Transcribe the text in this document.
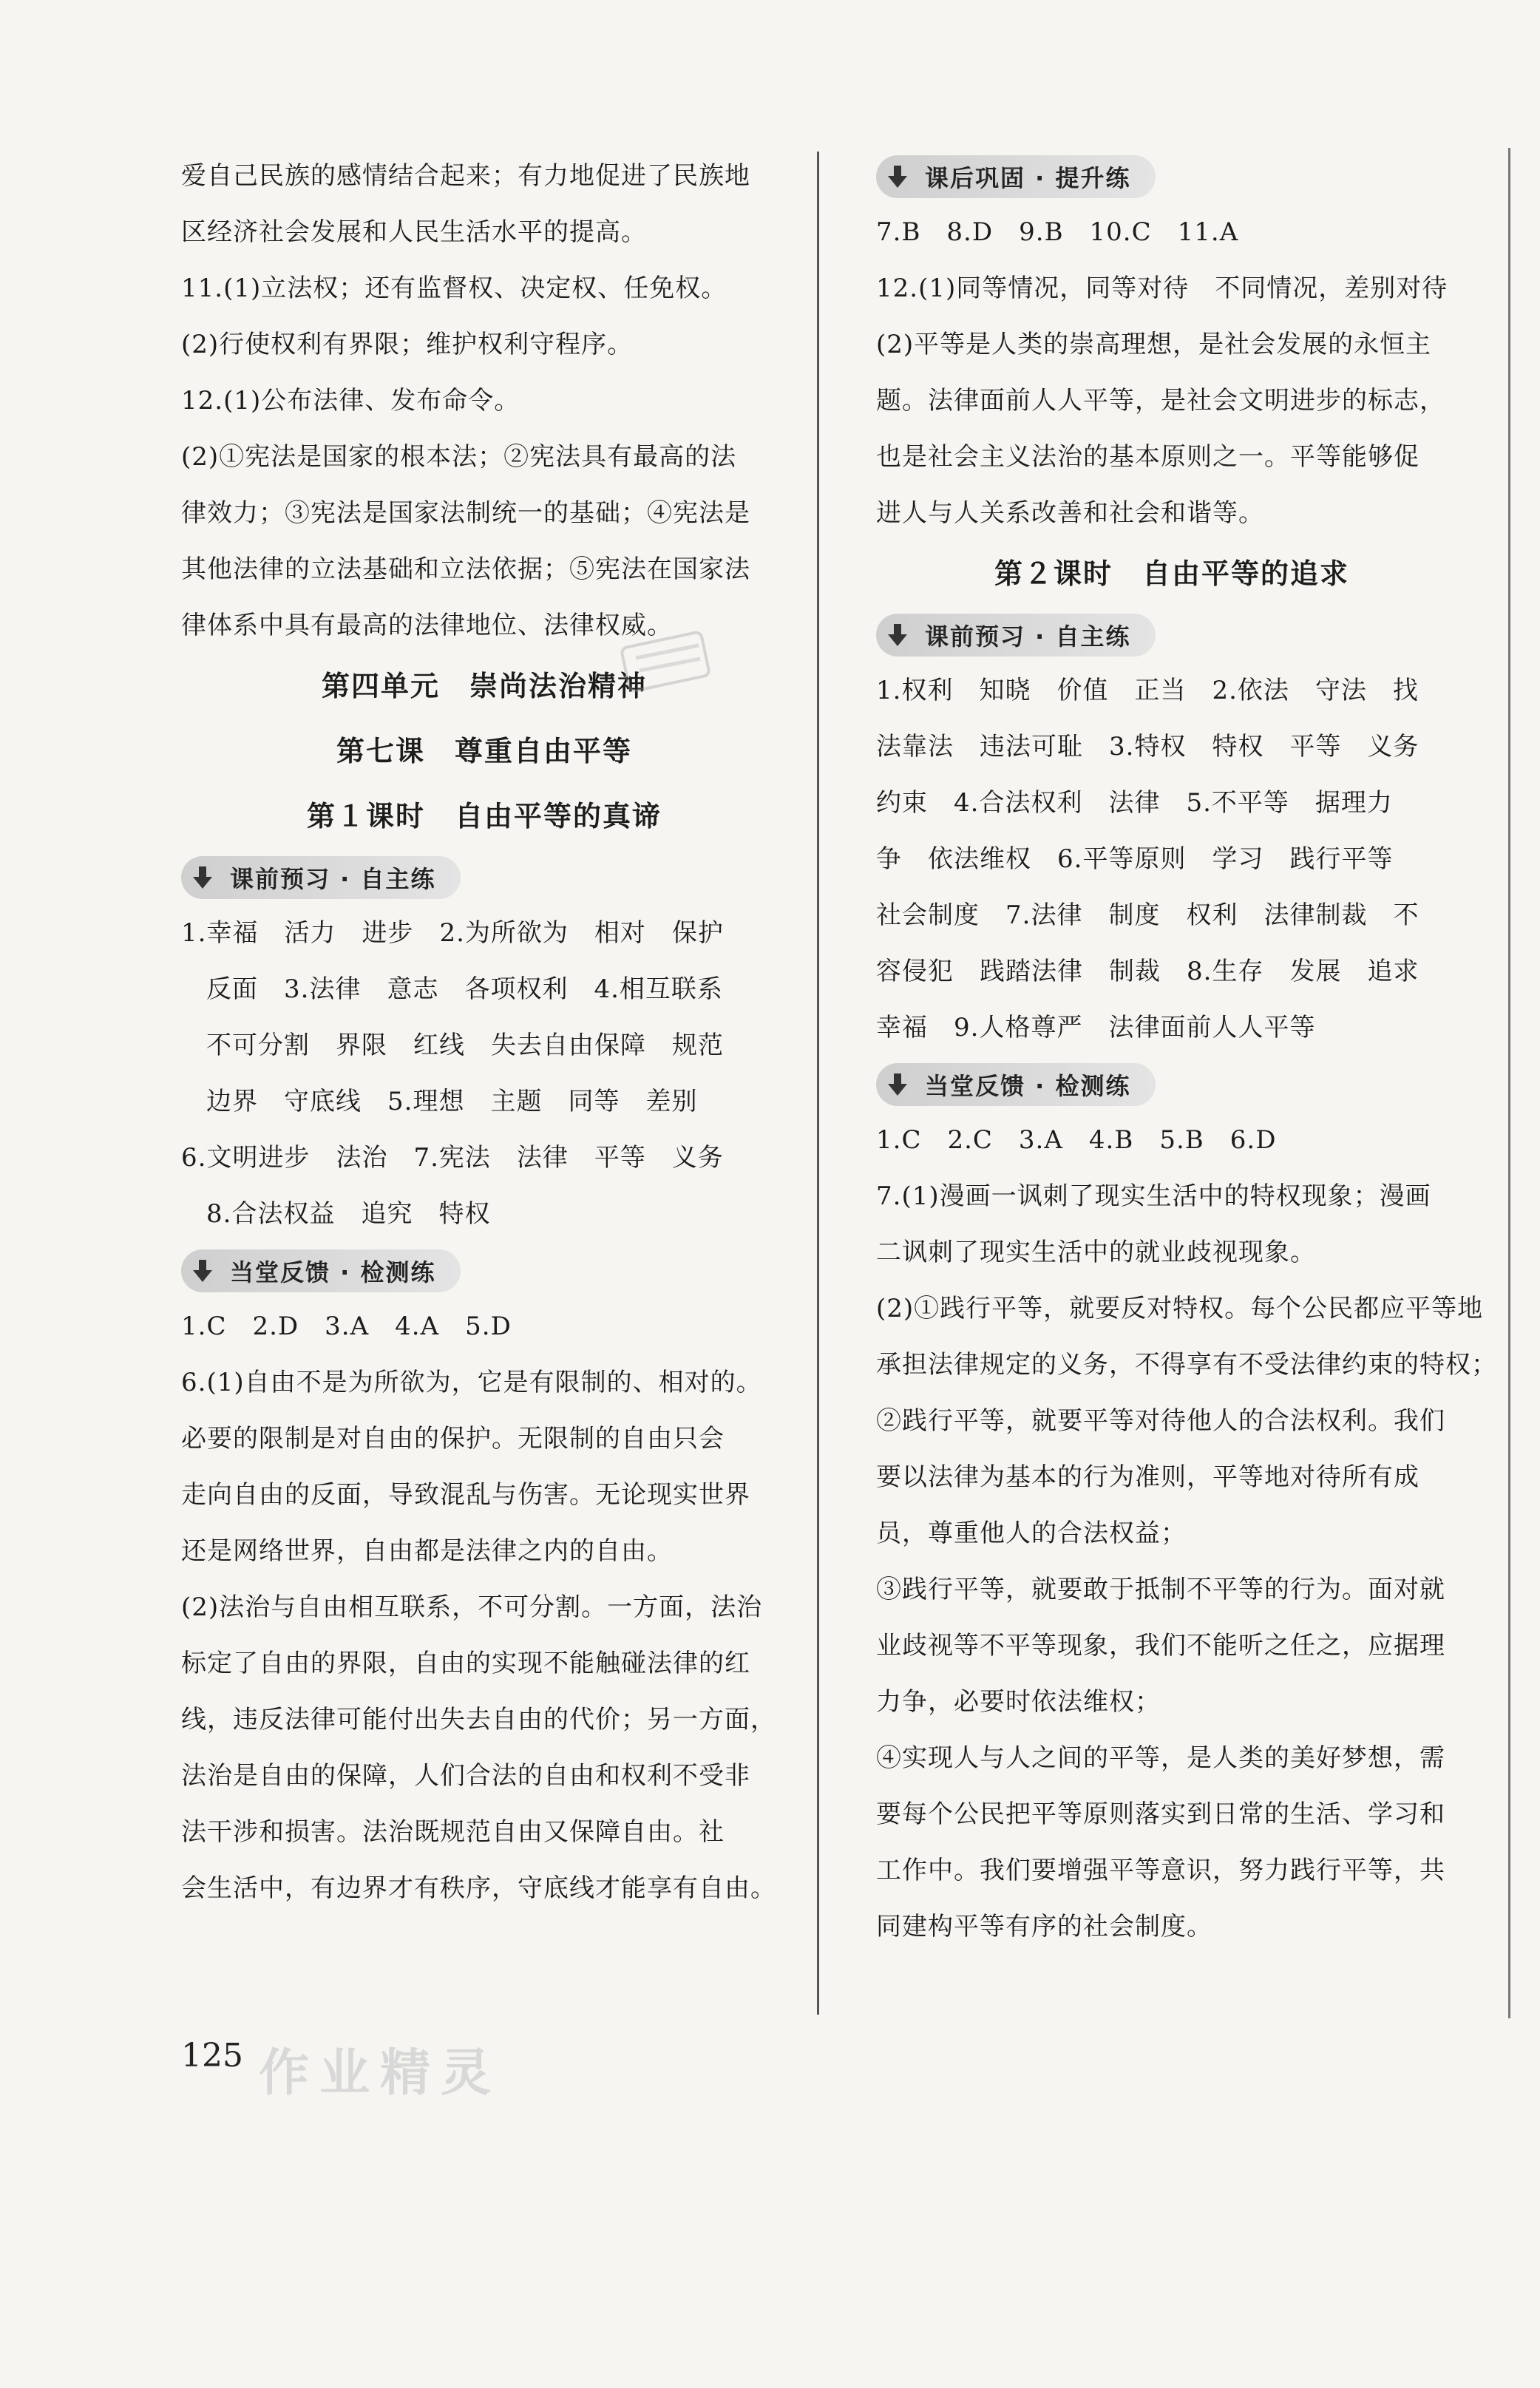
爱自己民族的感情结合起来；有力地促进了民族地
区经济社会发展和人民生活水平的提高。
11.(1)立法权；还有监督权、决定权、任免权。
(2)行使权利有界限；维护权利守程序。
12.(1)公布法律、发布命令。
(2)①宪法是国家的根本法；②宪法具有最高的法
律效力；③宪法是国家法制统一的基础；④宪法是
其他法律的立法基础和立法依据；⑤宪法在国家法
律体系中具有最高的法律地位、法律权威。
第四单元　崇尚法治精神
第七课　尊重自由平等
第１课时　自由平等的真谛
课前预习 · 自主练
1.幸福　活力　进步　2.为所欲为　相对　保护
反面　3.法律　意志　各项权利　4.相互联系
不可分割　界限　红线　失去自由保障　规范
边界　守底线　5.理想　主题　同等　差别
6.文明进步　法治　7.宪法　法律　平等　义务
8.合法权益　追究　特权
当堂反馈 · 检测练
1.C　2.D　3.A　4.A　5.D
6.(1)自由不是为所欲为，它是有限制的、相对的。
必要的限制是对自由的保护。无限制的自由只会
走向自由的反面，导致混乱与伤害。无论现实世界
还是网络世界，自由都是法律之内的自由。
(2)法治与自由相互联系，不可分割。一方面，法治
标定了自由的界限，自由的实现不能触碰法律的红
线，违反法律可能付出失去自由的代价；另一方面，
法治是自由的保障，人们合法的自由和权利不受非
法干涉和损害。法治既规范自由又保障自由。社
会生活中，有边界才有秩序，守底线才能享有自由。
课后巩固 · 提升练
7.B　8.D　9.B　10.C　11.A
12.(1)同等情况，同等对待　不同情况，差别对待
(2)平等是人类的崇高理想，是社会发展的永恒主
题。法律面前人人平等，是社会文明进步的标志，
也是社会主义法治的基本原则之一。平等能够促
进人与人关系改善和社会和谐等。
第２课时　自由平等的追求
课前预习 · 自主练
1.权利　知晓　价值　正当　2.依法　守法　找
法靠法　违法可耻　3.特权　特权　平等　义务
约束　4.合法权利　法律　5.不平等　据理力
争　依法维权　6.平等原则　学习　践行平等
社会制度　7.法律　制度　权利　法律制裁　不
容侵犯　践踏法律　制裁　8.生存　发展　追求
幸福　9.人格尊严　法律面前人人平等
当堂反馈 · 检测练
1.C　2.C　3.A　4.B　5.B　6.D
7.(1)漫画一讽刺了现实生活中的特权现象；漫画
二讽刺了现实生活中的就业歧视现象。
(2)①践行平等，就要反对特权。每个公民都应平等地
承担法律规定的义务，不得享有不受法律约束的特权；
②践行平等，就要平等对待他人的合法权利。我们
要以法律为基本的行为准则，平等地对待所有成
员，尊重他人的合法权益；
③践行平等，就要敢于抵制不平等的行为。面对就
业歧视等不平等现象，我们不能听之任之，应据理
力争，必要时依法维权；
④实现人与人之间的平等，是人类的美好梦想，需
要每个公民把平等原则落实到日常的生活、学习和
工作中。我们要增强平等意识，努力践行平等，共
同建构平等有序的社会制度。
125 作业精灵
